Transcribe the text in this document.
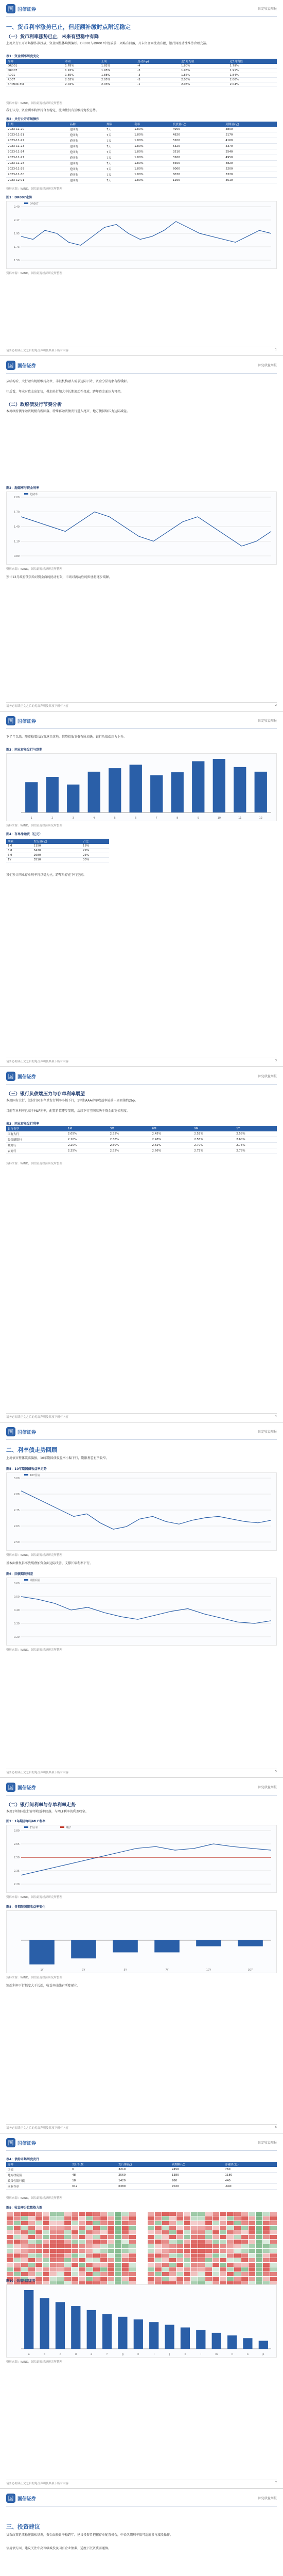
国 国信证券	固定收益周报
一、货币利率涨势已止，但超额补缴时点附近稳定
（一）货币利率涨势已止，未来有望稳中有降
上周央行公开市场操作净投放，资金面整体均衡偏松。DR001与DR007中枢较前一周略有回落，月末资金面扰动有限，银行间流动性维持合理充裕。
表1：资金利率周度变化
品种	本周	上周	变动(bp)	近1月均值	近3月均值
DR001	1.78%	1.82%	-4	1.80%	1.79%
DR007	1.92%	1.95%	-3	1.93%	1.91%
R001	1.85%	1.88%	-3	1.86%	1.84%
R007	2.02%	2.05%	-3	2.03%	2.00%
SHIBOR 3M	2.02%	2.03%	-1	2.03%	2.04%
资料来源：WIND，国信证券经济研究所整理
我们认为，资金利率将保持合理稳定，流动性仍有望维持宽松态势。
表2：央行公开市场操作
日期	品种	期限	利率	投放量(亿)	到期量(亿)
2023-11-20	逆回购	7天	1.80%	4950	3800
2023-11-21	逆回购	7天	1.80%	4820	3170
2023-11-22	逆回购	7天	1.80%	5200	4160
2023-11-23	逆回购	7天	1.80%	5320	3370
2023-11-24	逆回购	7天	1.80%	3510	2540
2023-11-27	逆回购	7天	1.80%	3260	4950
2023-11-28	逆回购	7天	1.80%	5650	4820
2023-11-29	逆回购	7天	1.80%	6060	5200
2023-11-30	逆回购	7天	1.80%	8030	5320
2023-12-01	逆回购	7天	1.80%	1260	3510
资料来源：WIND，国信证券经济研究所整理
图1：DR007走势
2.40
2.17
1.95
1.73
1.50
DR007
资料来源：WIND，国信证券经济研究所整理
请务必阅读正文之后的免责声明及其项下所有内容	1
国 国信证券	固定收益周报
从结构看，大行融出规模维持高位，非银机构融入需求边际下降，资金分层现象有所缓解。
往后看，年末财政支出加快，叠加央行加大中长期流动性投放，跨年资金面压力可控。
（二）政府债发行节奏分析
本周政府债净融资规模有所回落，特殊再融资债发行进入尾声，地方债供给压力边际减轻。
图2：超储率与资金利率
2.00
1.70
1.40
1.10
0.80
超储率
资料来源：WIND，国信证券经济研究所整理
预计12月政府债供给对资金面的扰动有限，市场对流动性的担忧将逐步缓解。
请务必阅读正文之后的免责声明及其项下所有内容	2
国 国信证券	固定收益周报
下半年以来，随着稳增长政策逐步落地，信贷投放节奏有所加快，银行负债端压力上升。
图3：同业存单发行与到期
1	2	3	4	5	6	7	8	9	10	11	12
资料来源：WIND，国信证券经济研究所整理
图4：存单净融资（亿元）
期限	发行量(亿)	占比
1M	2150	18%
3M	3420	29%
6M	2680	23%
1Y	3510	30%
我们预计同业存单利率将以稳为主，跨年后存在下行空间。
请务必阅读正文之后的免责声明及其项下所有内容	3
国 国信证券	固定收益周报
（三）银行负债端压力与存单利率展望
本周国有大行、股份行同业存单发行利率小幅下行，1年期AAA存单收益率较前一周回落约2bp。
当前存单利率已高于MLF利率，配置价值逐步显现，后续下行空间取决于资金面宽松程度。
表3：同业存单发行利率
银行类型	1M	3M	6M	9M	1Y
国有大行	2.05%	2.35%	2.45%	2.52%	2.58%
股份制银行	2.10%	2.38%	2.48%	2.55%	2.60%
城商行	2.20%	2.50%	2.62%	2.70%	2.75%
农商行	2.25%	2.55%	2.66%	2.72%	2.78%
资料来源：WIND，国信证券经济研究所整理
请务必阅读正文之后的免责声明及其项下所有内容	4
国 国信证券	固定收益周报
二、利率债走势回顾
上周债市整体震荡偏强，10年期国债收益率小幅下行，期限利差有所收窄。
图5：10年期国债收益率走势
3.00
2.88
2.75
2.63
2.50
10Y国债
资料来源：WIND，国信证券经济研究所整理
基本面修复斜率放缓叠加资金面边际改善，支撑长端利率下行。
图6：国债期限利差
0.60
0.50
0.40
0.30
0.20
期限利差
资料来源：WIND，国信证券经济研究所整理
请务必阅读正文之后的免责声明及其项下所有内容	5
国 国信证券	固定收益周报
（二）银行间利率与存单利率走势
本周1年期国股行存单收益率回落，与MLF利率的利差收窄。
图7：1年期存单与MLF利率
2.80
2.65
2.50
2.35
2.20
1Y存单	MLF
资料来源：WIND，国信证券经济研究所整理
图8：各期限国债收益率变化
1Y	3Y	5Y	7Y	10Y	30Y
资料来源：WIND，国信证券经济研究所整理
短端利率下行幅度大于长端，收益率曲线有所陡峭化。
请务必阅读正文之后的免责声明及其项下所有内容	6
国 国信证券	固定收益周报
表4：债券市场周度发行
券种	发行只数	发行额(亿)	到期额(亿)	净融资(亿)
国债	6	3210	2450	760
地方政府债	48	2560	1380	1180
政策性银行债	18	1420	980	440
同业存单	612	6380	7020	-640
资料来源：WIND，国信证券经济研究所整理
图9：收益率分位数热力图

图10：信用利差走势
a	b	c	d	e	f	g	h	i	j	k	l	m	n	o	p
资料来源：WIND，国信证券经济研究所整理
请务必阅读正文之后的免责声明及其项下所有内容	7
国 国信证券	固定收益周报
三、投资建议
货币政策延续稳健偏松基调，资金面预计平稳跨年。建议投资者把握存单配置机会，中长久期利率债可适度参与波段操作。
信用债方面，建议关注中高等级城投及国有企业债券，适度下沉资质需谨慎。
